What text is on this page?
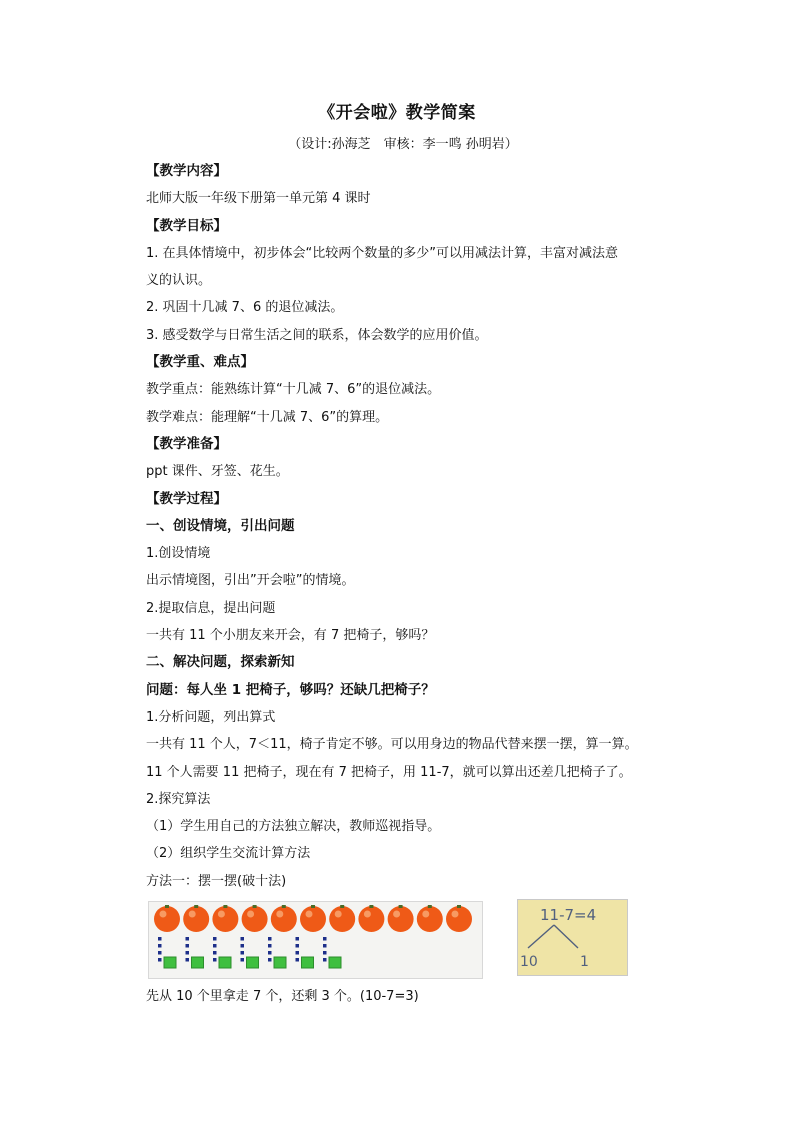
《开会啦》教学简案
（设计:孙海芝　审核：李一鸣 孙明岩）
【教学内容】
北师大版一年级下册第一单元第 4 课时
【教学目标】
1. 在具体情境中，初步体会“比较两个数量的多少”可以用减法计算，丰富对减法意
义的认识。
2. 巩固十几减 7、6 的退位减法。
3. 感受数学与日常生活之间的联系，体会数学的应用价值。
【教学重、难点】
教学重点：能熟练计算“十几减 7、6”的退位减法。
教学难点：能理解“十几减 7、6”的算理。
【教学准备】
ppt 课件、牙签、花生。
【教学过程】
一、创设情境，引出问题
1.创设情境
出示情境图，引出”开会啦”的情境。
2.提取信息，提出问题
一共有 11 个小朋友来开会，有 7 把椅子，够吗？
二、解决问题，探索新知
问题：每人坐 1 把椅子，够吗？还缺几把椅子？
1.分析问题，列出算式
一共有 11 个人，7＜11，椅子肯定不够。可以用身边的物品代替来摆一摆，算一算。
11 个人需要 11 把椅子，现在有 7 把椅子，用 11-7，就可以算出还差几把椅子了。
2.探究算法
（1）学生用自己的方法独立解决，教师巡视指导。
（2）组织学生交流计算方法
方法一：摆一摆(破十法)
11-7=4
10	1
先从 10 个里拿走 7 个，还剩 3 个。(10-7=3)
